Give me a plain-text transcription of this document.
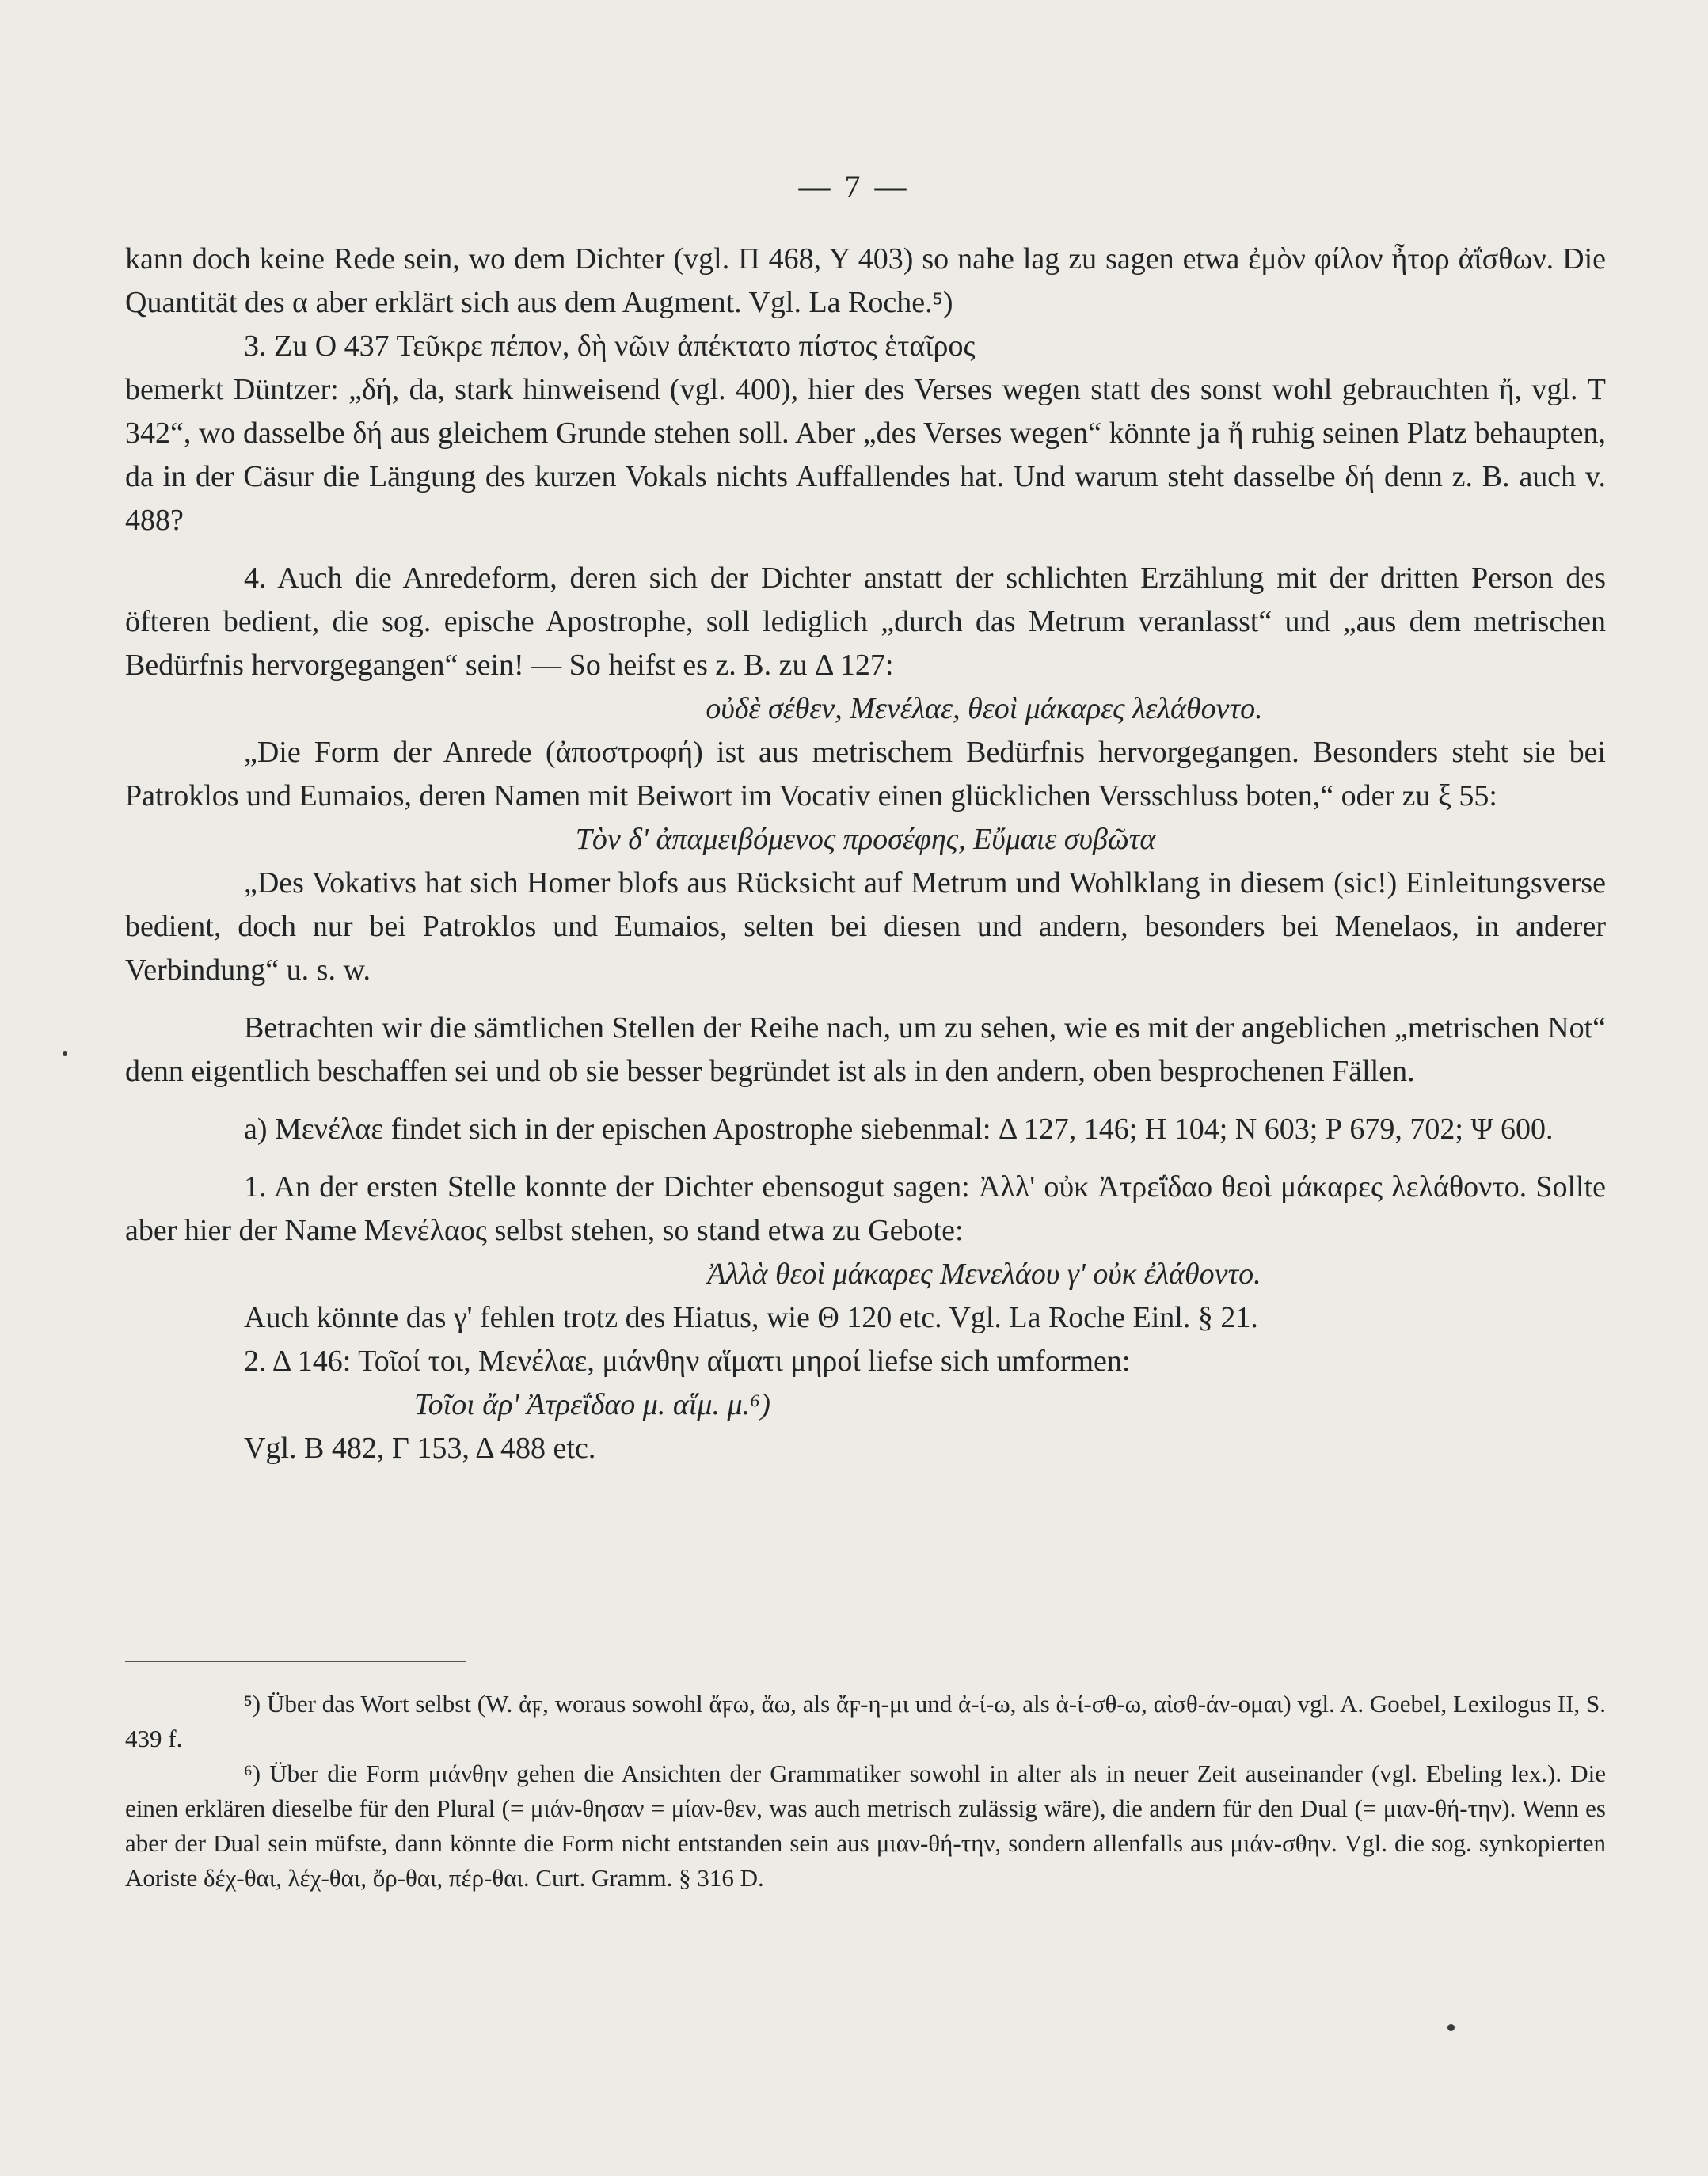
— 7 —

kann doch keine Rede sein, wo dem Dichter (vgl. Π 468, Υ 403) so nahe lag zu sagen etwa ἐμὸν φίλον ἦτορ ἀΐσθων. Die Quantität des α aber erklärt sich aus dem Augment. Vgl. La Roche.⁵)

3. Zu Ο 437 Τεῦκρε πέπον, δὴ νῶιν ἀπέκτατο πίστος ἑταῖρος

bemerkt Düntzer: „δή, da, stark hinweisend (vgl. 400), hier des Verses wegen statt des sonst wohl gebrauchten ἤ, vgl. Τ 342“, wo dasselbe δή aus gleichem Grunde stehen soll. Aber „des Verses wegen“ könnte ja ἤ ruhig seinen Platz behaupten, da in der Cäsur die Längung des kurzen Vokals nichts Auffallendes hat. Und warum steht dasselbe δή denn z. B. auch v. 488?

4. Auch die Anredeform, deren sich der Dichter anstatt der schlichten Erzählung mit der dritten Person des öfteren bedient, die sog. epische Apostrophe, soll lediglich „durch das Metrum veranlasst“ und „aus dem metrischen Bedürfnis hervorgegangen“ sein! — So heifst es z. B. zu Δ 127:

οὐδὲ σέθεν, Μενέλαε, θεοὶ μάκαρες λελάθοντο.

„Die Form der Anrede (ἀποστροφή) ist aus metrischem Bedürfnis hervorgegangen. Besonders steht sie bei Patroklos und Eumaios, deren Namen mit Beiwort im Vocativ einen glücklichen Versschluss boten,“ oder zu ξ 55:

Τὸν δ' ἀπαμειβόμενος προσέφης, Εὔμαιε συβῶτα

„Des Vokativs hat sich Homer blofs aus Rücksicht auf Metrum und Wohlklang in diesem (sic!) Einleitungsverse bedient, doch nur bei Patroklos und Eumaios, selten bei diesen und andern, besonders bei Menelaos, in anderer Verbindung“ u. s. w.

Betrachten wir die sämtlichen Stellen der Reihe nach, um zu sehen, wie es mit der angeblichen „metrischen Not“ denn eigentlich beschaffen sei und ob sie besser begründet ist als in den andern, oben besprochenen Fällen.

a) Μενέλαε findet sich in der epischen Apostrophe siebenmal: Δ 127, 146; Η 104; Ν 603; Ρ 679, 702; Ψ 600.

1. An der ersten Stelle konnte der Dichter ebensogut sagen: Ἀλλ' οὐκ Ἀτρεΐδαο θεοὶ μάκαρες λελάθοντο. Sollte aber hier der Name Μενέλαος selbst stehen, so stand etwa zu Gebote:

Ἀλλὰ θεοὶ μάκαρες Μενελάου γ' οὐκ ἐλάθοντο.

Auch könnte das γ' fehlen trotz des Hiatus, wie Θ 120 etc. Vgl. La Roche Einl. § 21.

2. Δ 146: Τοῖοί τοι, Μενέλαε, μιάνθην αἵματι μηροί liefse sich umformen:

Τοῖοι ἄρ' Ἀτρεΐδαο μ. αἵμ. μ.⁶)

Vgl. Β 482, Γ 153, Δ 488 etc.

⁵) Über das Wort selbst (W. ἀϝ, woraus sowohl ἄϝω, ἄω, als ἄϝ-η-μι und ἀ-ί-ω, als ἀ-ί-σθ-ω, αἰσθ-άν-ομαι) vgl. A. Goebel, Lexilogus II, S. 439 f.

⁶) Über die Form μιάνθην gehen die Ansichten der Grammatiker sowohl in alter als in neuer Zeit auseinander (vgl. Ebeling lex.). Die einen erklären dieselbe für den Plural (= μιάν-θησαν = μίαν-θεν, was auch metrisch zulässig wäre), die andern für den Dual (= μιαν-θή-την). Wenn es aber der Dual sein müfste, dann könnte die Form nicht entstanden sein aus μιαν-θή-την, sondern allenfalls aus μιάν-σθην. Vgl. die sog. synkopierten Aoriste δέχ-θαι, λέχ-θαι, ὄρ-θαι, πέρ-θαι. Curt. Gramm. § 316 D.
